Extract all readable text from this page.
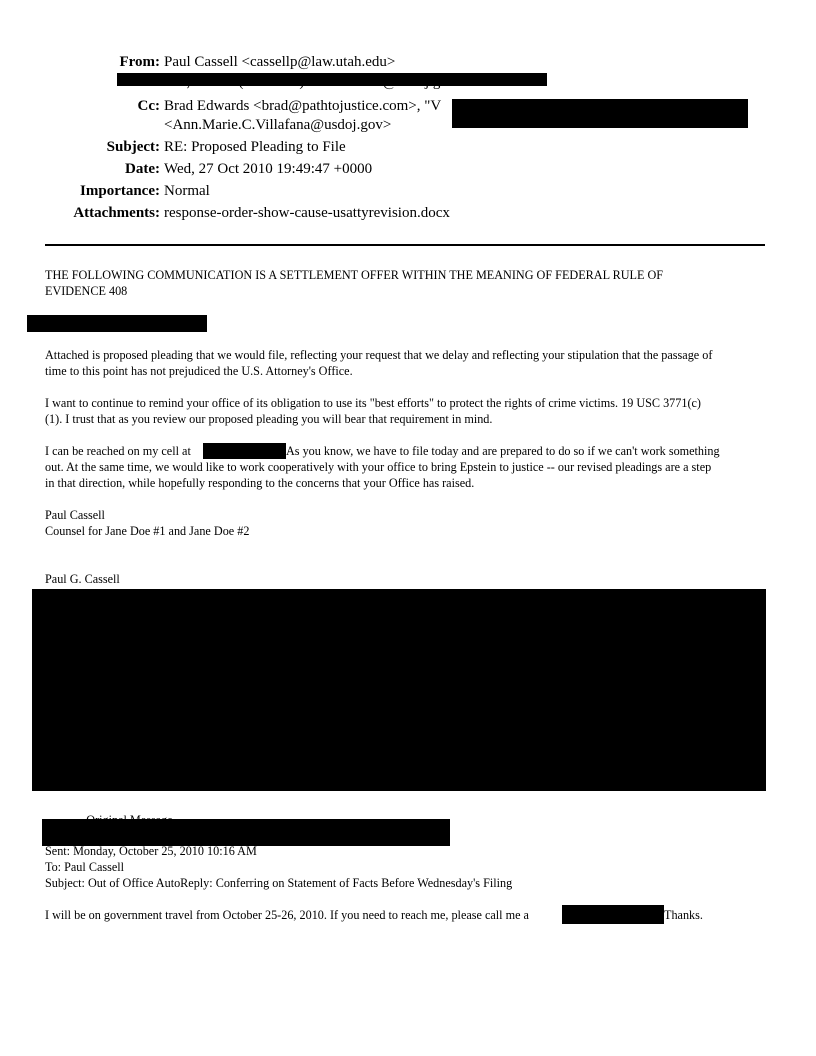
From: Paul Cassell <cassellp@law.utah.edu>
Cc: Brad Edwards <brad@pathtojustice.com>, "V
<Ann.Marie.C.Villafana@usdoj.gov>
Subject: RE: Proposed Pleading to File
Date: Wed, 27 Oct 2010 19:49:47 +0000
Importance: Normal
Attachments: response-order-show-cause-usattyrevision.docx
THE FOLLOWING COMMUNICATION IS A SETTLEMENT OFFER WITHIN THE MEANING OF FEDERAL RULE OF
EVIDENCE 408
Attached is proposed pleading that we would file, reflecting your request that we delay and reflecting your stipulation that the passage of
time to this point has not prejudiced the U.S. Attorney's Office.
I want to continue to remind your office of its obligation to use its "best efforts" to protect the rights of crime victims. 19 USC 3771(c)
(1). I trust that as you review our proposed pleading you will bear that requirement in mind.
I can be reached on my cell at	As you know, we have to file today and are prepared to do so if we can't work something
out. At the same time, we would like to work cooperatively with your office to bring Epstein to justice -- our revised pleadings are a step
in that direction, while hopefully responding to the concerns that your Office has raised.
Paul Cassell
Counsel for Jane Doe #1 and Jane Doe #2
Paul G. Cassell
Sent: Monday, October 25, 2010 10:16 AM
To: Paul Cassell
Subject: Out of Office AutoReply: Conferring on Statement of Facts Before Wednesday's Filing
I will be on government travel from October 25-26, 2010. If you need to reach me, please call me a	Thanks.
